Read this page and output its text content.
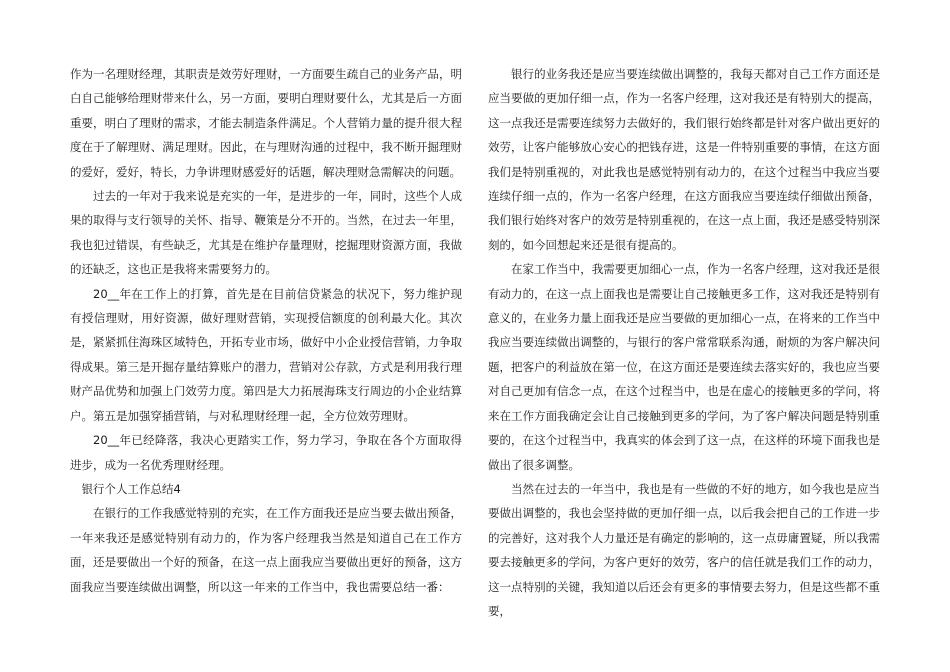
作为一名理财经理，其职责是效劳好理财，一方面要生疏自己的业务产品，明白自己能够给理财带来什么，另一方面，要明白理财要什么，尤其是后一方面重要，明白了理财的需求，才能去制造条件满足。个人营销力量的提升很大程度在于了解理财、满足理财。因此，在与理财沟通的过程中，我不断开掘理财的爱好，爱好，特长，力争讲理财感爱好的话题，解决理财急需解决的问题。

过去的一年对于我来说是充实的一年，是进步的一年，同时，这些个人成果的取得与支行领导的关怀、指导、鞭策是分不开的。当然，在过去一年里，我也犯过错误，有些缺乏，尤其是在维护存量理财，挖掘理财资源方面，我做的还缺乏，这也正是我将来需要努力的。

20__年在工作上的打算，首先是在目前信贷紧急的状况下，努力维护现有授信理财，用好资源，做好理财营销，实现授信额度的创利最大化。其次是，紧紧抓住海珠区域特色，开拓专业市场，做好中小企业授信营销，力争取得成果。第三是开掘存量结算账户的潜力，营销对公存款，方式是利用我行理财产品优势和加强上门效劳力度。第四是大力拓展海珠支行周边的小企业结算户。第五是加强穿插营销，与对私理财经理一起，全方位效劳理财。

20__年已经降落，我决心更踏实工作，努力学习，争取在各个方面取得进步，成为一名优秀理财经理。

银行个人工作总结4

在银行的工作我感觉特别的充实，在工作方面我还是应当要去做出预备，一年来我还是感觉特别有动力的，作为客户经理我当然是知道自己在工作方面，还是要做出一个好的预备，在这一点上面我应当要做出更好的预备，这方面我应当要连续做出调整，所以这一年来的工作当中，我也需要总结一番：

银行的业务我还是应当要连续做出调整的，我每天都对自己工作方面还是应当要做的更加仔细一点，作为一名客户经理，这对我还是有特别大的提高，这一点我还是需要连续努力去做好的，我们银行始终都是针对客户做出更好的效劳，让客户能够放心安心的把钱存进，这是一件特别重要的事情，在这方面我们是特别重视的，对此我也是感觉特别有动力的，在这个过程当中我应当要连续仔细一点的，作为一名客户经理，在这方面我应当要连续仔细做出预备，我们银行始终对客户的效劳是特别重视的，在这一点上面，我还是感受特别深刻的，如今回想起来还是很有提高的。

在家工作当中，我需要更加细心一点，作为一名客户经理，这对我还是很有动力的，在这一点上面我也是需要让自己接触更多工作，这对我还是特别有意义的，在业务力量上面我还是应当要做的更加细心一点，在将来的工作当中我应当要连续做出调整的，与银行的客户常常联系沟通，耐烦的为客户解决问题，把客户的利益放在第一位，在这方面还是要连续去落实好的，我也应当要对自己更加有信念一点，在这个过程当中，也是在虚心的接触更多的学问，将来在工作方面我确定会让自己接触到更多的学问，为了客户解决问题是特别重要的，在这个过程当中，我真实的体会到了这一点，在这样的环境下面我也是做出了很多调整。

当然在过去的一年当中，我也是有一些做的不好的地方，如今我也是应当要做出调整的，我也会坚持做的更加仔细一点，以后我会把自己的工作进一步的完善好，这对我个人力量还是有确定的影响的，这一点毋庸置疑，所以我需要去接触更多的学问，为客户更好的效劳，客户的信任就是我们工作的动力，这一点特别的关键，我知道以后还会有更多的事情要去努力，但是这些都不重要，
